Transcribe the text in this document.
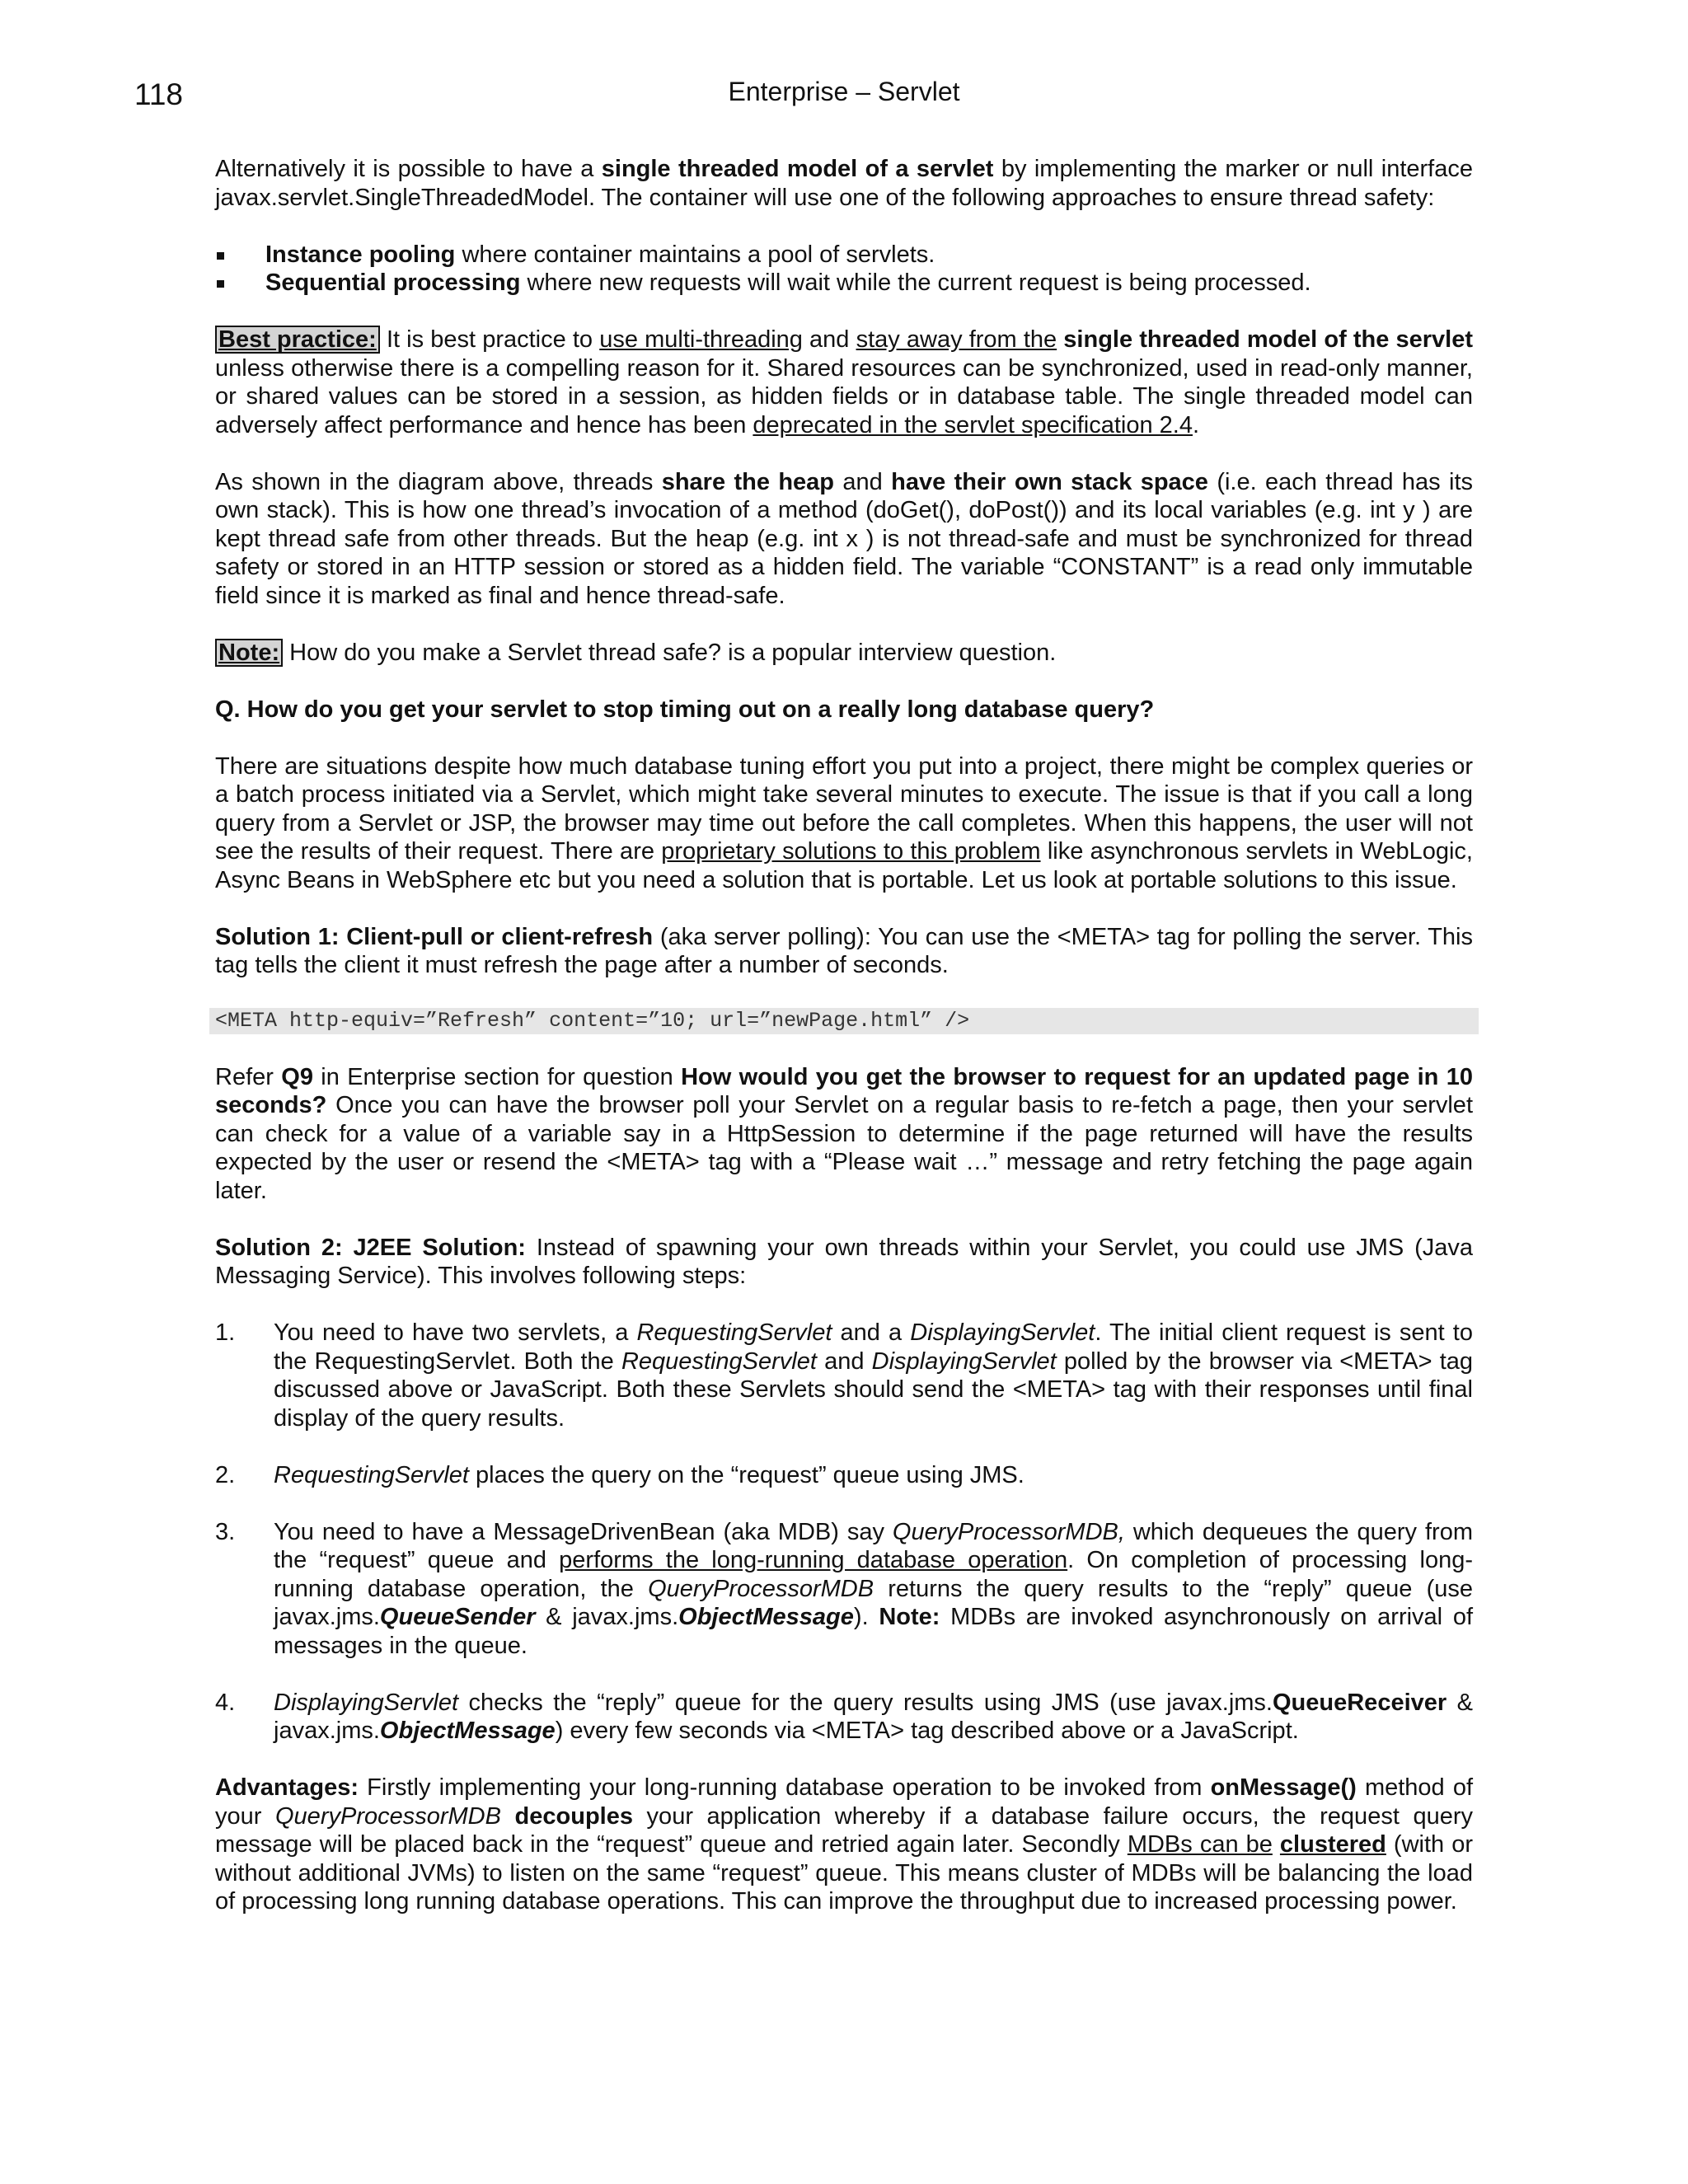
118	Enterprise – Servlet

Alternatively it is possible to have a single threaded model of a servlet by implementing the marker or null interface javax.servlet.SingleThreadedModel. The container will use one of the following approaches to ensure thread safety:

Instance pooling where container maintains a pool of servlets.
Sequential processing where new requests will wait while the current request is being processed.

Best practice: It is best practice to use multi-threading and stay away from the single threaded model of the servlet unless otherwise there is a compelling reason for it. Shared resources can be synchronized, used in read-only manner, or shared values can be stored in a session, as hidden fields or in database table. The single threaded model can adversely affect performance and hence has been deprecated in the servlet specification 2.4.

As shown in the diagram above, threads share the heap and have their own stack space (i.e. each thread has its own stack). This is how one thread’s invocation of a method (doGet(), doPost()) and its local variables (e.g. int y ) are kept thread safe from other threads. But the heap (e.g. int x ) is not thread-safe and must be synchronized for thread safety or stored in an HTTP session or stored as a hidden field. The variable “CONSTANT” is a read only immutable field since it is marked as final and hence thread-safe.

Note: How do you make a Servlet thread safe? is a popular interview question.

Q. How do you get your servlet to stop timing out on a really long database query?

There are situations despite how much database tuning effort you put into a project, there might be complex queries or a batch process initiated via a Servlet, which might take several minutes to execute. The issue is that if you call a long query from a Servlet or JSP, the browser may time out before the call completes. When this happens, the user will not see the results of their request. There are proprietary solutions to this problem like asynchronous servlets in WebLogic, Async Beans in WebSphere etc but you need a solution that is portable. Let us look at portable solutions to this issue.

Solution 1: Client-pull or client-refresh (aka server polling): You can use the <META> tag for polling the server. This tag tells the client it must refresh the page after a number of seconds.

<META http-equiv=”Refresh” content=”10; url=”newPage.html” />

Refer Q9 in Enterprise section for question How would you get the browser to request for an updated page in 10 seconds? Once you can have the browser poll your Servlet on a regular basis to re-fetch a page, then your servlet can check for a value of a variable say in a HttpSession to determine if the page returned will have the results expected by the user or resend the <META> tag with a “Please wait …” message and retry fetching the page again later.

Solution 2: J2EE Solution: Instead of spawning your own threads within your Servlet, you could use JMS (Java Messaging Service). This involves following steps:

1. You need to have two servlets, a RequestingServlet and a DisplayingServlet. The initial client request is sent to the RequestingServlet. Both the RequestingServlet and DisplayingServlet polled by the browser via <META> tag discussed above or JavaScript. Both these Servlets should send the <META> tag with their responses until final display of the query results.
2. RequestingServlet places the query on the “request” queue using JMS.
3. You need to have a MessageDrivenBean (aka MDB) say QueryProcessorMDB, which dequeues the query from the “request” queue and performs the long-running database operation. On completion of processing long-running database operation, the QueryProcessorMDB returns the query results to the “reply” queue (use javax.jms.QueueSender & javax.jms.ObjectMessage). Note: MDBs are invoked asynchronously on arrival of messages in the queue.
4. DisplayingServlet checks the “reply” queue for the query results using JMS (use javax.jms.QueueReceiver & javax.jms.ObjectMessage) every few seconds via <META> tag described above or a JavaScript.

Advantages: Firstly implementing your long-running database operation to be invoked from onMessage() method of your QueryProcessorMDB decouples your application whereby if a database failure occurs, the request query message will be placed back in the “request” queue and retried again later. Secondly MDBs can be clustered (with or without additional JVMs) to listen on the same “request” queue. This means cluster of MDBs will be balancing the load of processing long running database operations. This can improve the throughput due to increased processing power.
